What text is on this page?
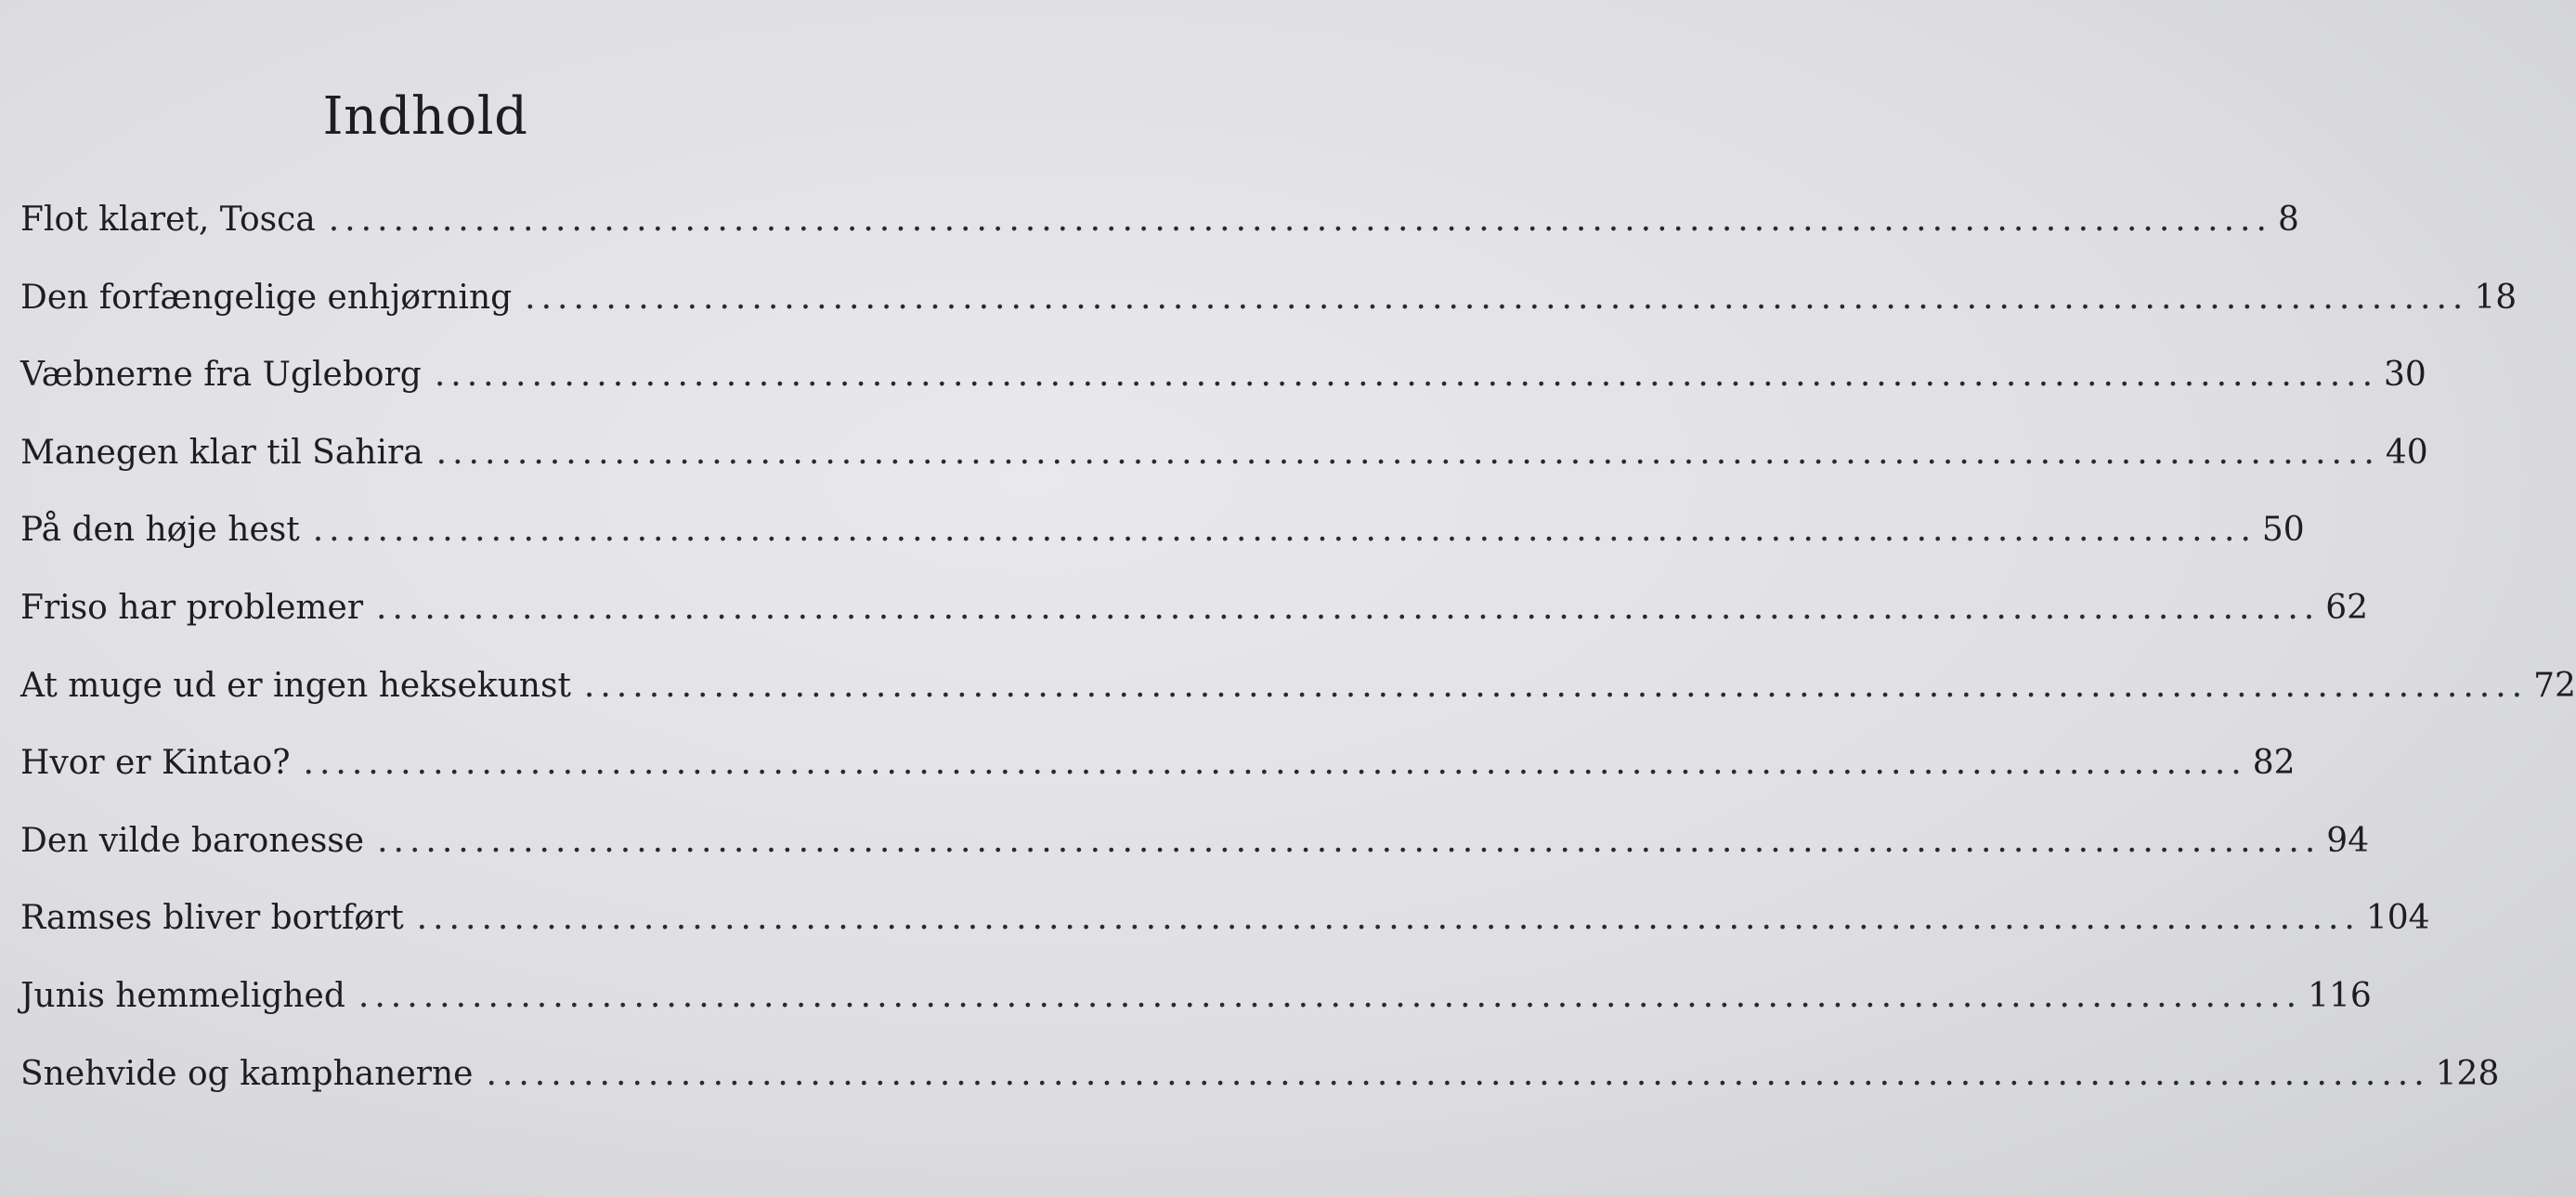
Indhold
Flot klaret, Tosca ........................................................................................................................ 8
Den forfængelige enhjørning ........................................................................................................................ 18
Væbnerne fra Ugleborg ........................................................................................................................ 30
Manegen klar til Sahira ........................................................................................................................ 40
På den høje hest ........................................................................................................................ 50
Friso har problemer ........................................................................................................................ 62
At muge ud er ingen heksekunst ........................................................................................................................ 72
Hvor er Kintao? ........................................................................................................................ 82
Den vilde baronesse ........................................................................................................................ 94
Ramses bliver bortført ........................................................................................................................ 104
Junis hemmelighed ........................................................................................................................ 116
Snehvide og kamphanerne ........................................................................................................................ 128
